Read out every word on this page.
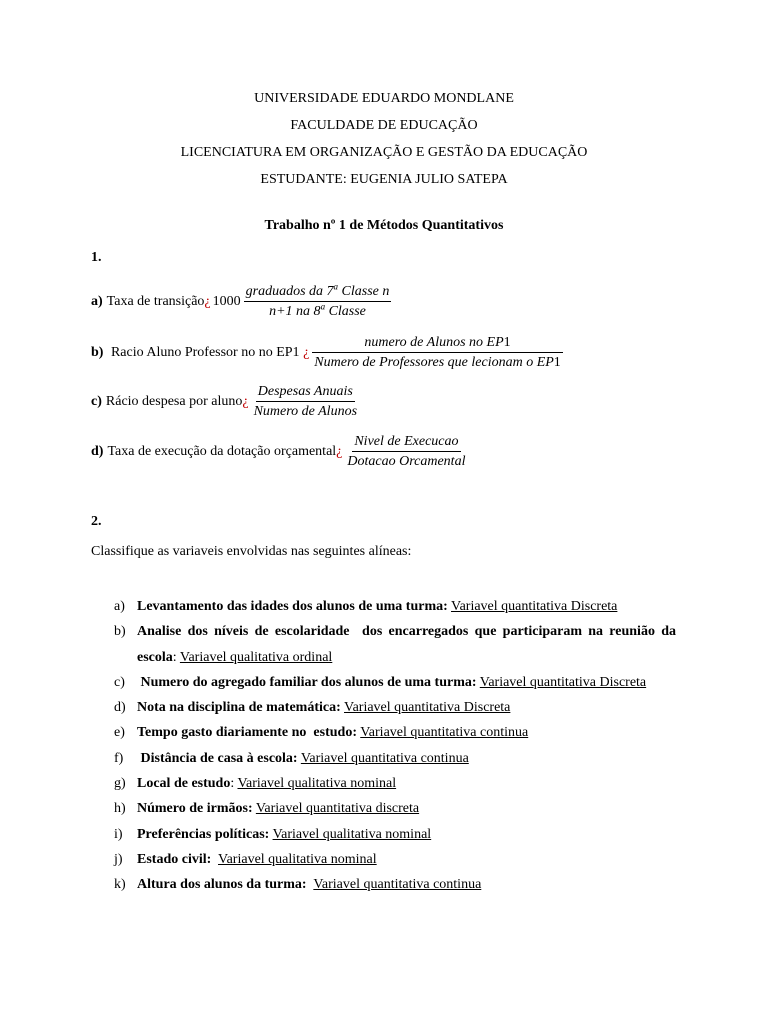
UNIVERSIDADE EDUARDO MONDLANE
FACULDADE DE EDUCAÇÃO
LICENCIATURA EM ORGANIZAÇÃO E GESTÃO DA EDUCAÇÃO
ESTUDANTE: EUGENIA JULIO SATEPA
Trabalho nº 1 de Métodos Quantitativos
1.
a) Taxa de transição ¿ $1000 \frac{graduados da 7^a Classe n}{n+1 na 8^a Classe}$
b) Racio Aluno Professor no no EP1 ¿ $\frac{\text{numero de Alunos no EP1}}{\text{Numero de Professores que lecionam o EP1}}$
c) Rácio despesa por aluno ¿ $\frac{\text{Despesas Anuais}}{\text{Numero de Alunos}}$
d) Taxa de execução da dotação orçamental ¿ $\frac{\text{Nivel de Execucao}}{\text{Dotacao Orcamental}}$
2.
Classifique as variaveis envolvidas nas seguintes alíneas:
a) Levantamento das idades dos alunos de uma turma: Variavel quantitativa Discreta
b) Analise dos níveis de escolaridade  dos encarregados que participaram na reunião da escola: Variavel qualitativa ordinal
c) Numero do agregado familiar dos alunos de uma turma: Variavel quantitativa Discreta
d) Nota na disciplina de matemática: Variavel quantitativa Discreta
e) Tempo gasto diariamente no  estudo: Variavel quantitativa continua
f) Distância de casa à escola: Variavel quantitativa continua
g) Local de estudo: Variavel qualitativa nominal
h) Número de irmãos: Variavel quantitativa discreta
i)	Preferências políticas: Variavel qualitativa nominal
j)	Estado civil: Variavel qualitativa nominal
k) Altura dos alunos da turma: Variavel quantitativa continua
